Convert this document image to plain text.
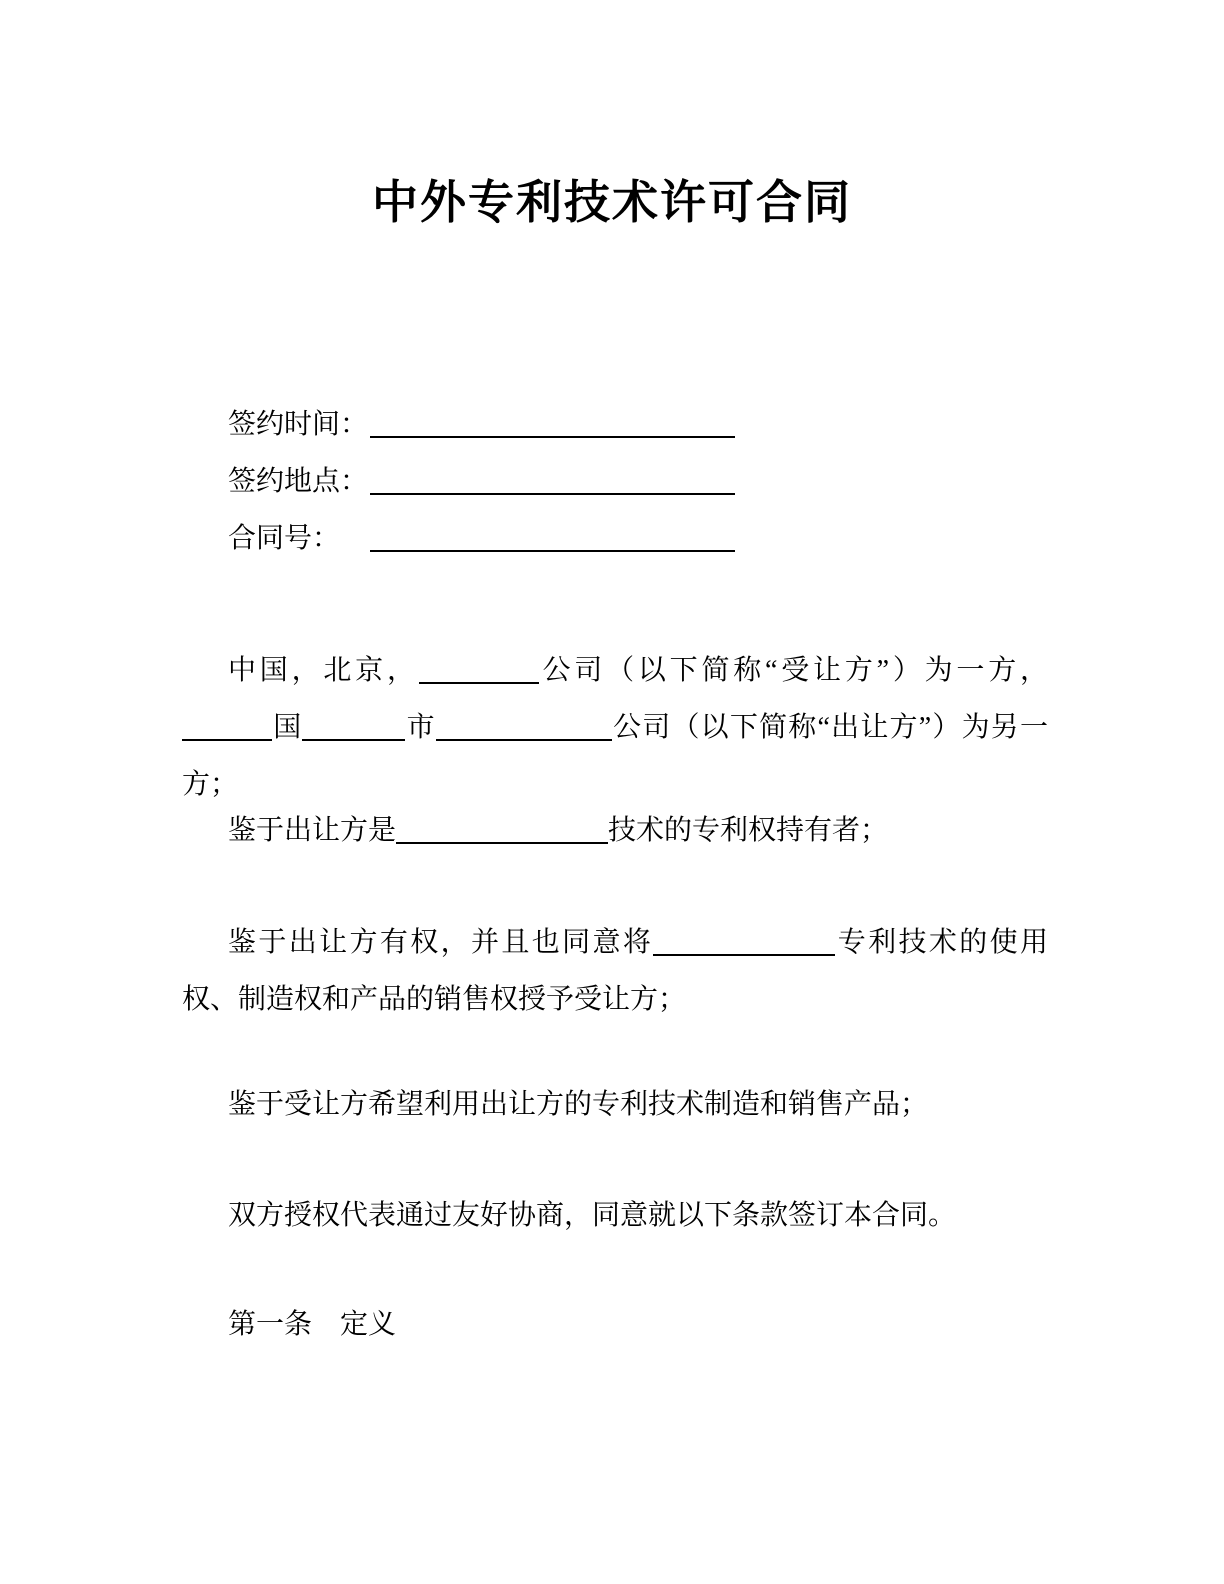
中外专利技术许可合同
签约时间：
签约地点：
合同号：

中国，北京，	公司（以下简称“受让方”）为一方，国	市	公司（以下简称“出让方”）为另一方；

鉴于出让方是	技术的专利权持有者；

鉴于出让方有权，并且也同意将	专利技术的使用权、制造权和产品的销售权授予受让方；

鉴于受让方希望利用出让方的专利技术制造和销售产品；

双方授权代表通过友好协商，同意就以下条款签订本合同。

第一条　定义
